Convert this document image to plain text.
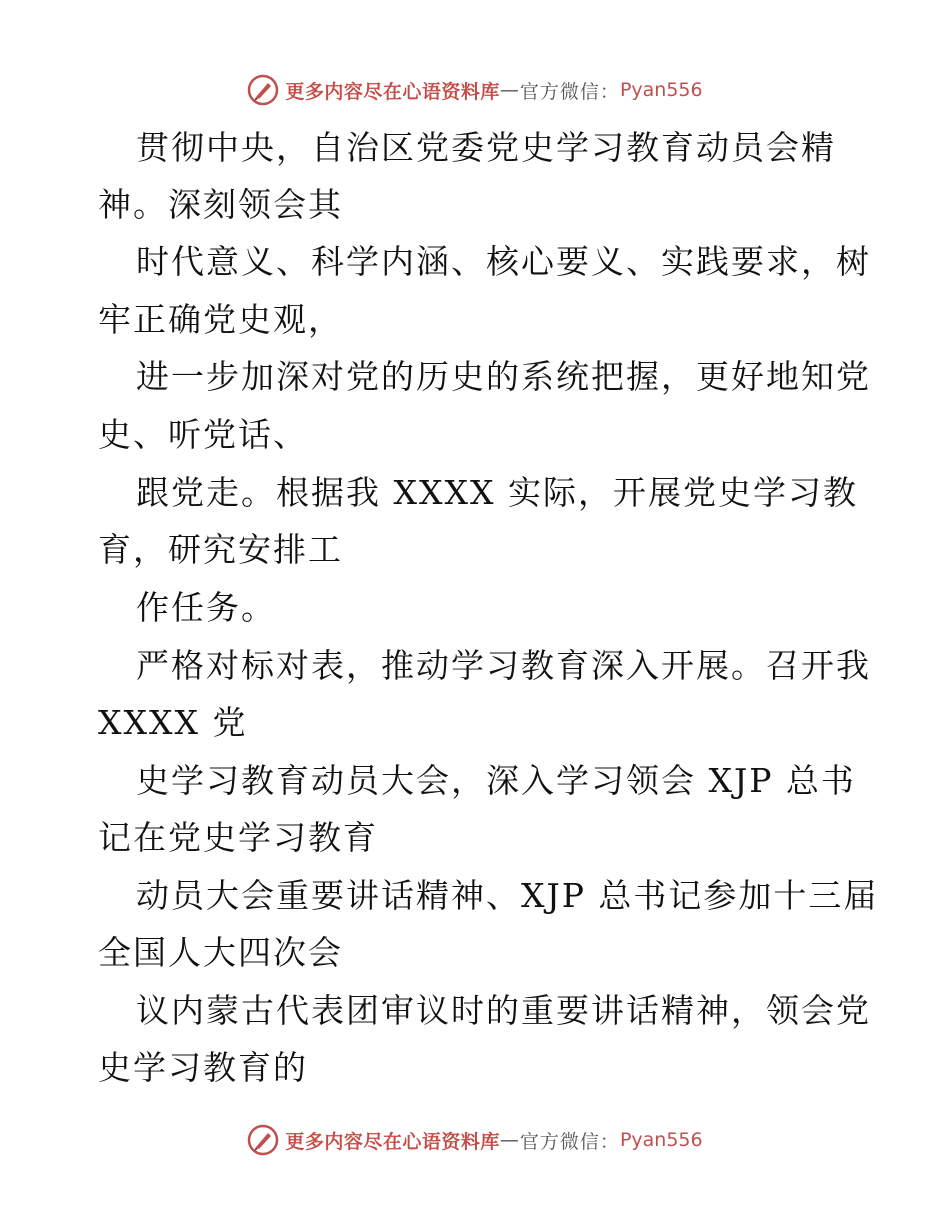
更多内容尽在心语资料库 — 官方微信： Pyan556
贯彻中央，自治区党委党史学习教育动员会精
神。深刻领会其
时代意义、科学内涵、核心要义、实践要求，树
牢正确党史观，
进一步加深对党的历史的系统把握，更好地知党
史、听党话、
跟党走。根据我 XXXX 实际，开展党史学习教
育，研究安排工
作任务。
严格对标对表，推动学习教育深入开展。召开我
XXXX 党
史学习教育动员大会，深入学习领会 XJP 总书
记在党史学习教育
动员大会重要讲话精神、XJP 总书记参加十三届
全国人大四次会
议内蒙古代表团审议时的重要讲话精神，领会党
史学习教育的
更多内容尽在心语资料库 — 官方微信： Pyan556
